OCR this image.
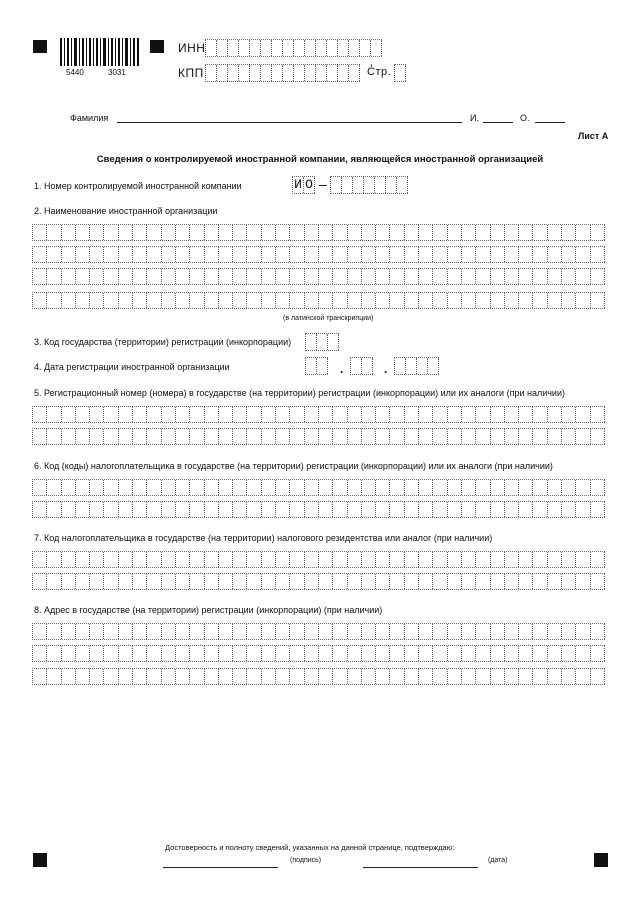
5440	3031
ИНН
КПП	Стр.
Фамилия	И.	О.
Лист А
Сведения о контролируемой иностранной компании, являющейся иностранной организацией
1. Номер контролируемой иностранной компании	И О –
2. Наименование иностранной организации
(в латинской транскрипции)
3. Код государства (территории) регистрации (инкорпорации)
4. Дата регистрации иностранной организации	.	.
5. Регистрационный номер (номера) в государстве (на территории) регистрации (инкорпорации) или их аналоги (при наличии)
6. Код (коды) налогоплательщика в государстве (на территории) регистрации (инкорпорации) или их аналоги (при наличии)
7. Код налогоплательщика в государстве (на территории) налогового резидентства или аналог (при наличии)
8. Адрес в государстве (на территории) регистрации (инкорпорации) (при наличии)
Достоверность и полноту сведений, указанных на данной странице, подтверждаю:
(подпись)	(дата)
